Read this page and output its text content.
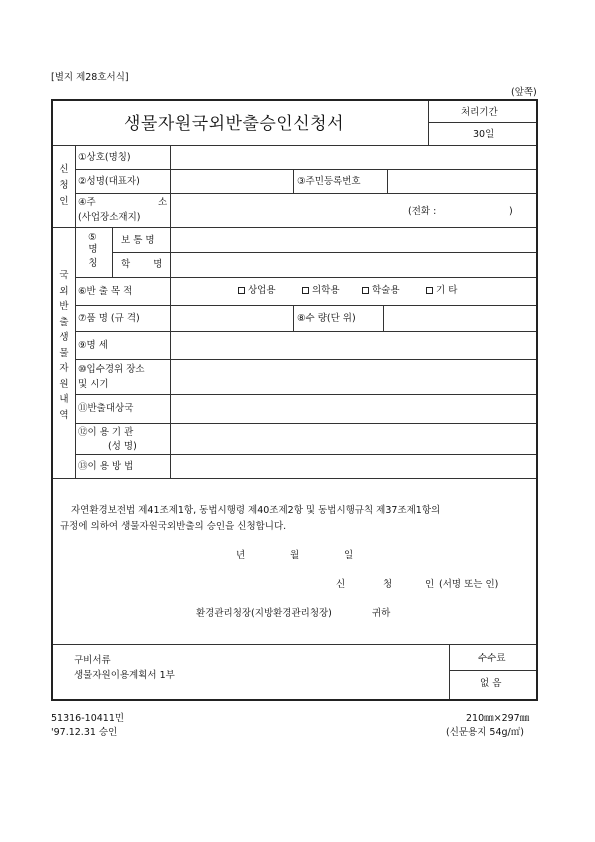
[별지 제28호서식]
(앞쪽)
생물자원국외반출승인신청서
처리기간
30일
신청인
①상호(명칭)
②성명(대표자)	③주민등록번호
④주	소
(사업장소재지)
(전화 :	)
국외반출 생물자원 내역
⑤
명칭
보 통 명
학 명
⑥반 출 목 적	상업용	의학용	학술용	기 타
⑦품 명 (규 격)	⑧수 량(단 위)
⑨명 세
⑩입수경위 장소
및 시기
⑪반출대상국
⑫이 용 기 관
(성 명)
⑬이 용 방 법
자연환경보전법 제41조제1항, 동법시행령 제40조제2항 및 동법시행규칙 제37조제1항의
규정에 의하여 생물자원국외반출의 승인을 신청합니다.
년	월	일
신	청	인 (서명 또는 인)
환경관리청장(지방환경관리청장)	귀하
구비서류
생물자원이용계획서 1부
수수료
없 음
51316-10411민
'97.12.31 승인
210㎜×297㎜
(신문용지 54g/㎡)
